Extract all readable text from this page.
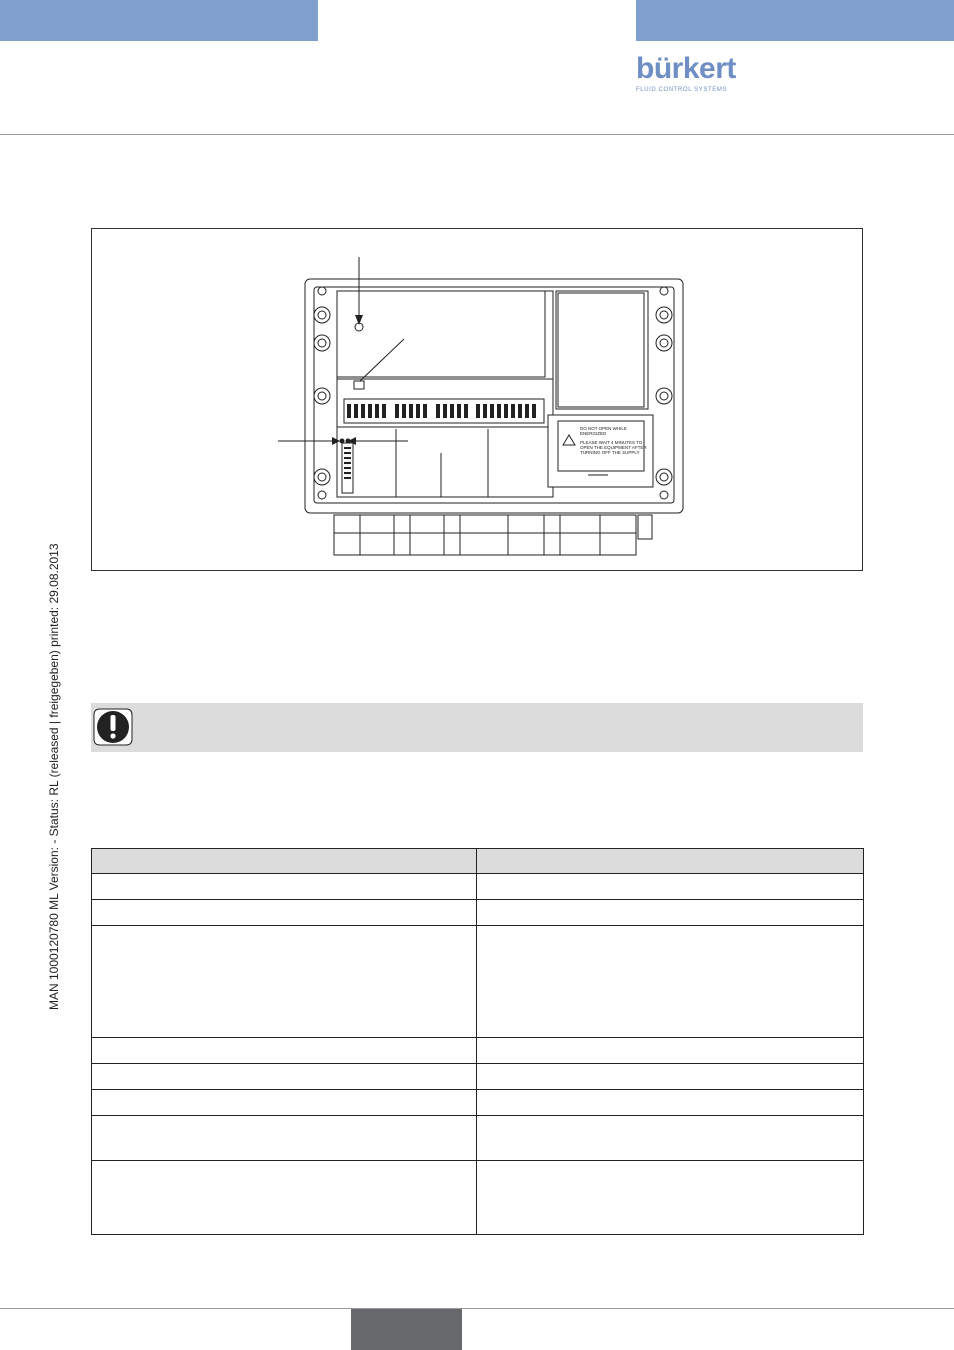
bürkert
FLUID CONTROL SYSTEMS
DO NOT OPEN WHILE
ENERGIZED
PLEASE WAIT 4 MINUTES TO
OPEN THE EQUIPMENT AFTER
TURNING OFF THE SUPPLY
MAN 1000120780 ML Version: - Status: RL (released | freigegeben) printed: 29.08.2013
